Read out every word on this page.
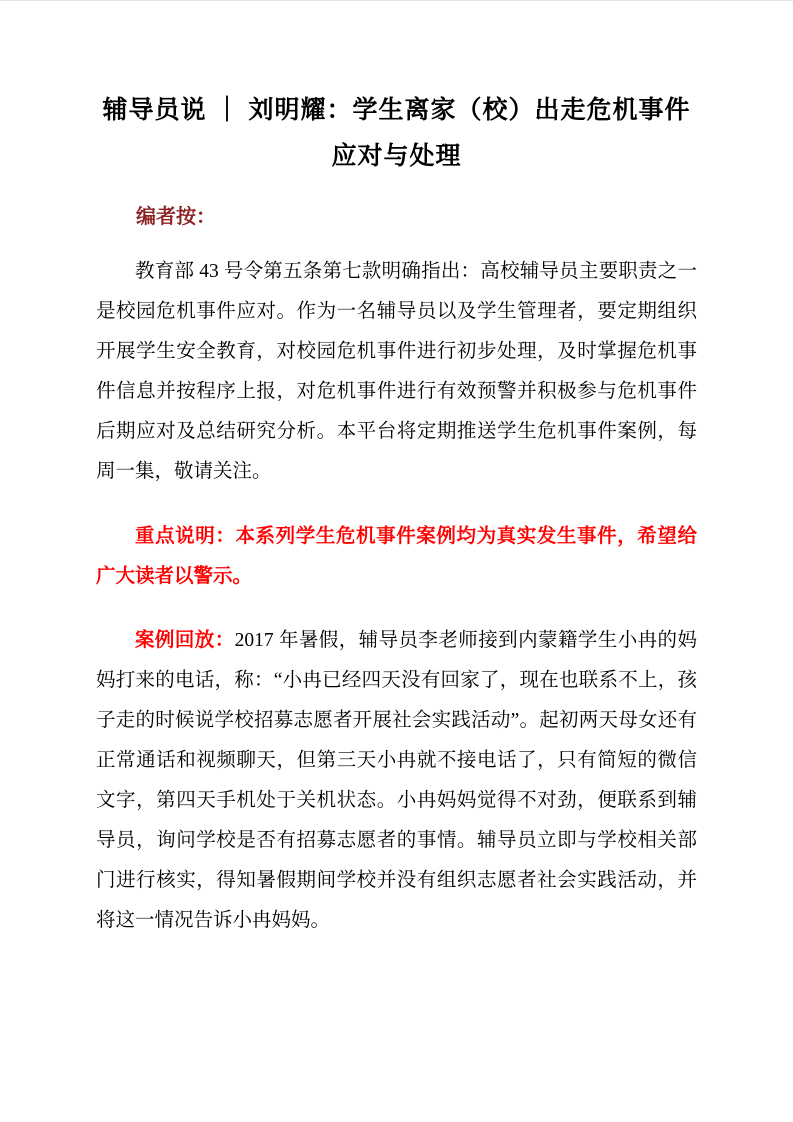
辅导员说 ｜ 刘明耀：学生离家（校）出走危机事件
应对与处理

编者按：

教育部 43 号令第五条第七款明确指出：高校辅导员主要职责之一是校园危机事件应对。作为一名辅导员以及学生管理者，要定期组织开展学生安全教育，对校园危机事件进行初步处理，及时掌握危机事件信息并按程序上报，对危机事件进行有效预警并积极参与危机事件后期应对及总结研究分析。本平台将定期推送学生危机事件案例，每周一集，敬请关注。

重点说明：本系列学生危机事件案例均为真实发生事件，希望给广大读者以警示。

案例回放：2017 年暑假，辅导员李老师接到内蒙籍学生小冉的妈妈打来的电话，称：“小冉已经四天没有回家了，现在也联系不上，孩子走的时候说学校招募志愿者开展社会实践活动”。起初两天母女还有正常通话和视频聊天，但第三天小冉就不接电话了，只有简短的微信文字，第四天手机处于关机状态。小冉妈妈觉得不对劲，便联系到辅导员，询问学校是否有招募志愿者的事情。辅导员立即与学校相关部门进行核实，得知暑假期间学校并没有组织志愿者社会实践活动，并将这一情况告诉小冉妈妈。
